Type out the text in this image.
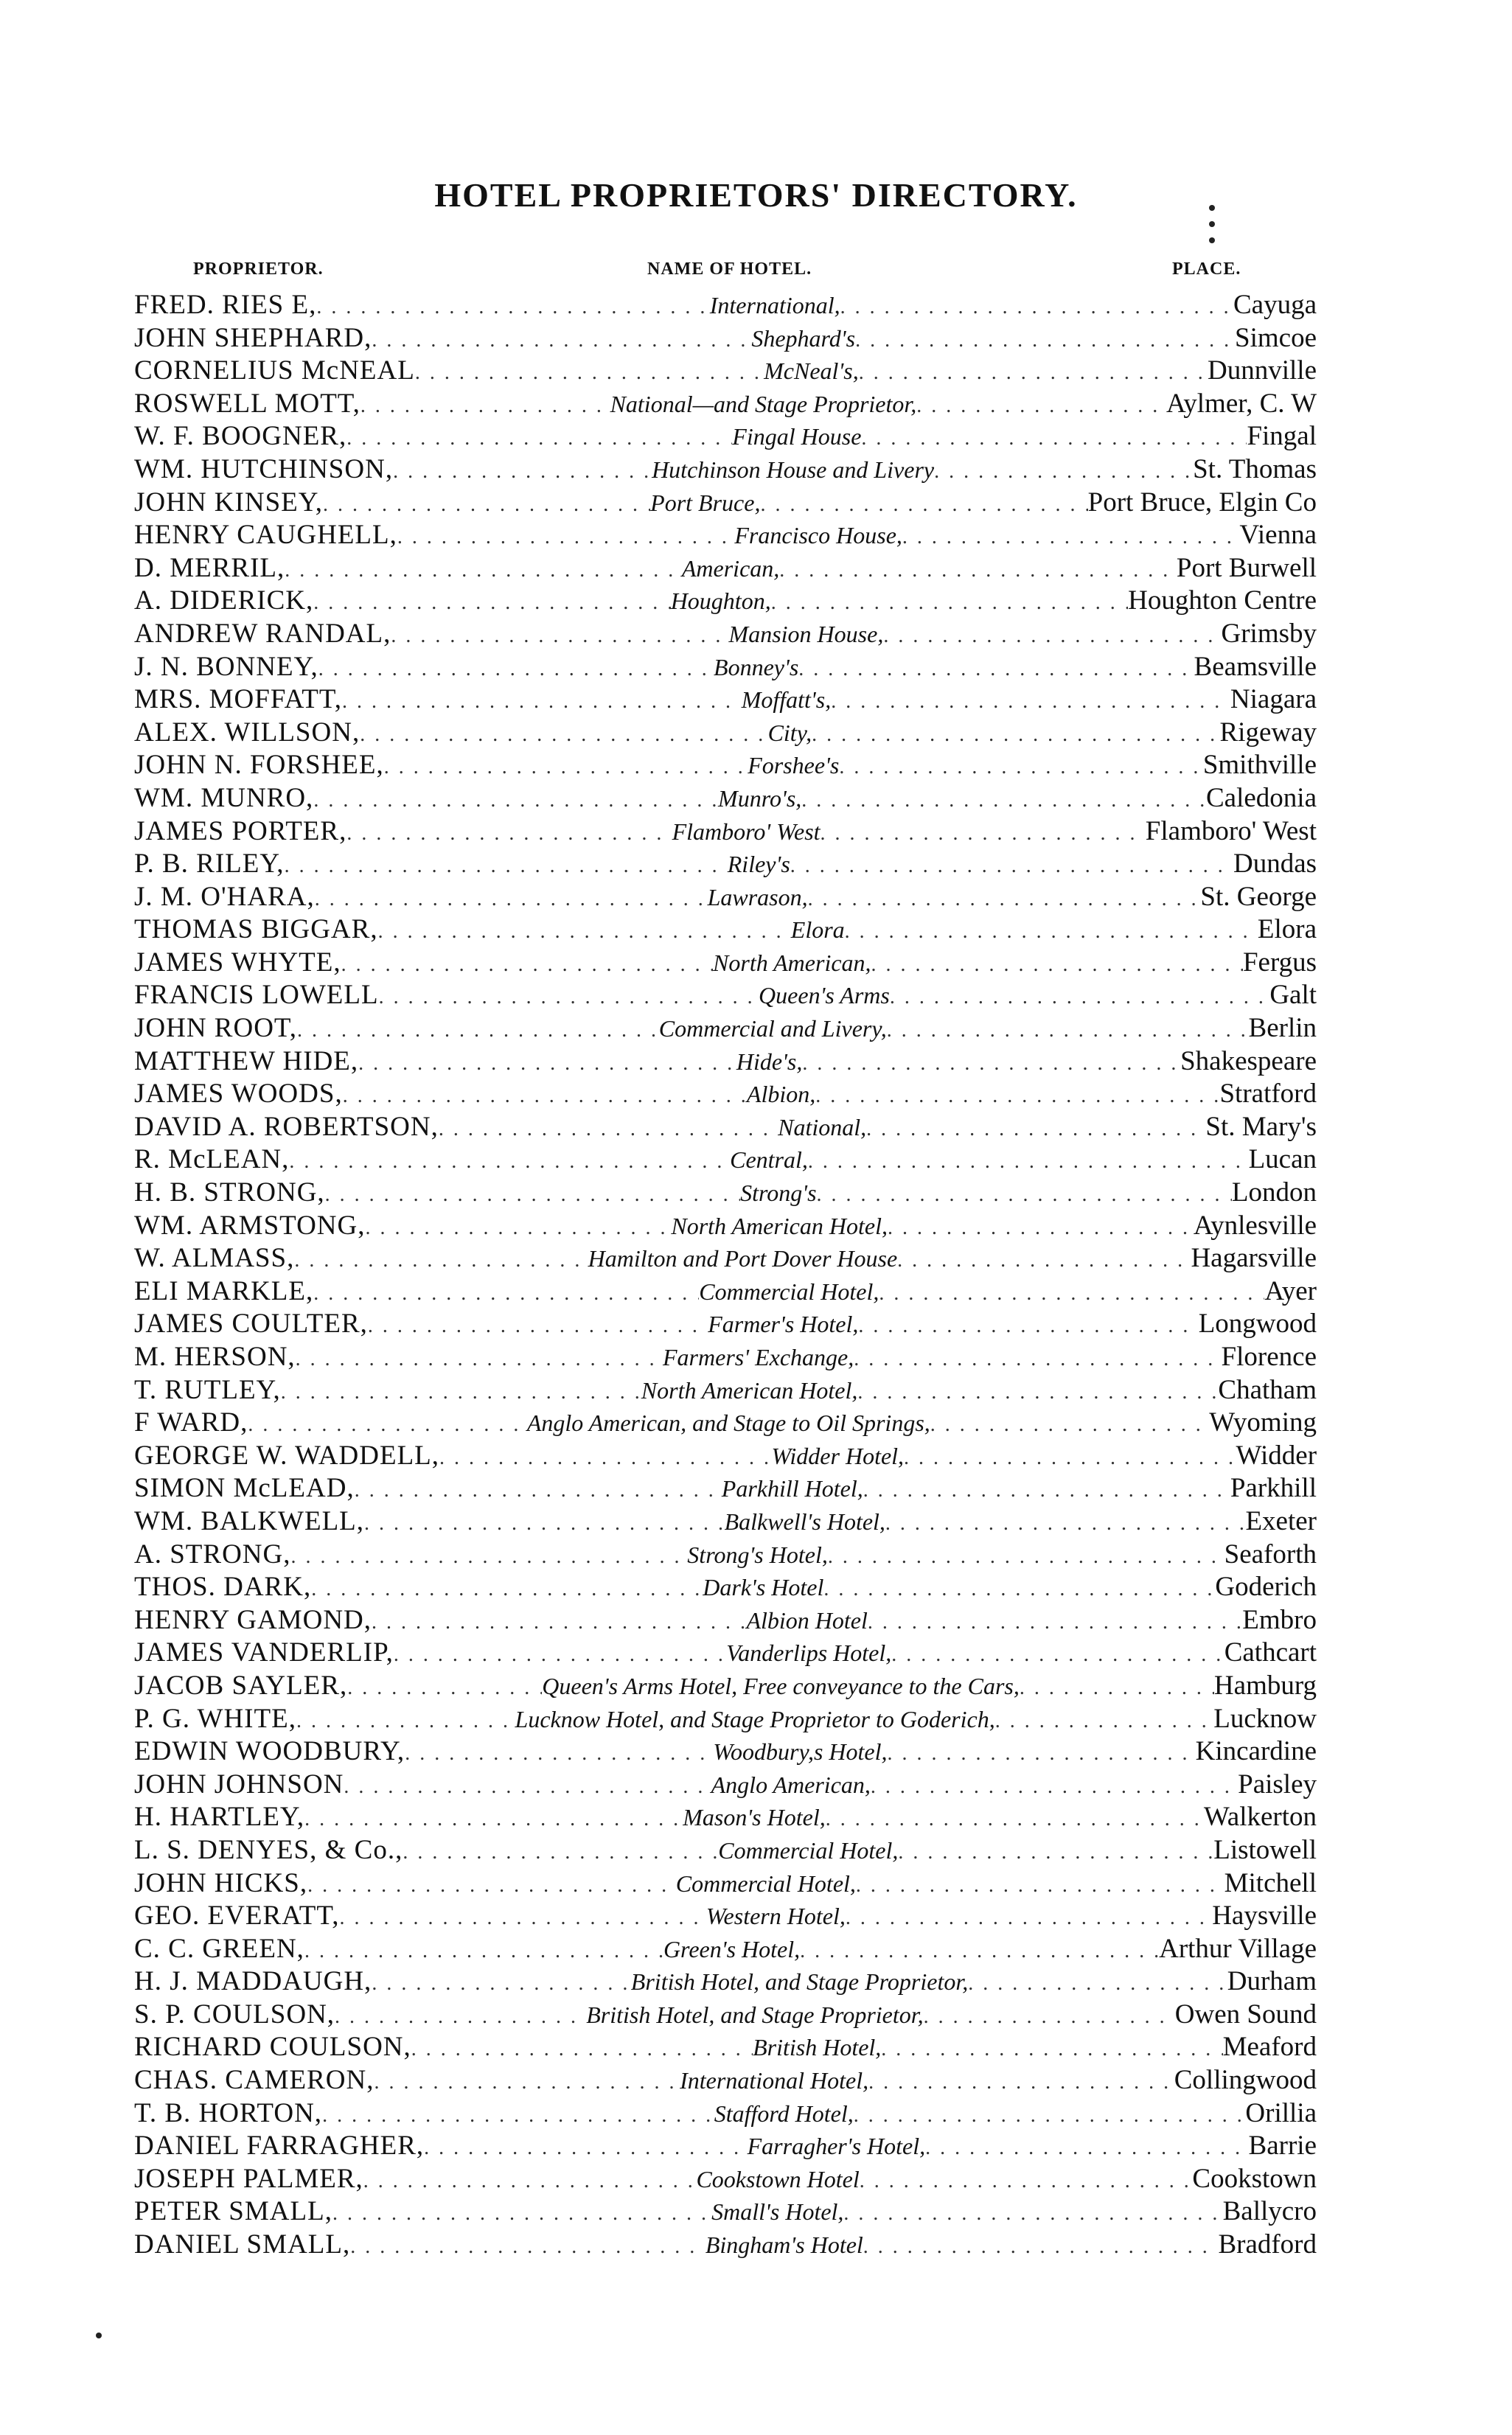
HOTEL PROPRIETORS' DIRECTORY.
PROPRIETOR.	NAME OF HOTEL.	PLACE.
FRED. RIES E, . . .	International, . . .	Cayuga
JOHN SHEPHARD, . . .	Shephard's . . .	Simcoe
CORNELIUS McNEAL . . .	McNeal's, . . .	Dunnville
ROSWELL MOTT, . . .	National—and Stage Proprietor, . . .	Aylmer, C. W
W. F. BOOGNER, . . .	Fingal House . . .	Fingal
WM. HUTCHINSON, . . .	Hutchinson House and Livery . . .	St. Thomas
JOHN KINSEY, . . .	Port Bruce, . . .	Port Bruce, Elgin Co
HENRY CAUGHELL, . . .	Francisco House, . . .	Vienna
D. MERRIL, . . .	American, . . .	Port Burwell
A. DIDERICK, . . .	Houghton, . . .	Houghton Centre
ANDREW RANDAL, . . .	Mansion House, . . .	Grimsby
J. N. BONNEY, . . .	Bonney's . . .	Beamsville
MRS. MOFFATT, . . .	Moffatt's, . . .	Niagara
ALEX. WILLSON, . . .	City, . . .	Rigeway
JOHN N. FORSHEE, . . .	Forshee's . . .	Smithville
WM. MUNRO, . . .	Munro's, . . .	Caledonia
JAMES PORTER, . . .	Flamboro' West . . .	Flamboro' West
P. B. RILEY, . . .	Riley's . . .	Dundas
J. M. O'HARA, . . .	Lawrason, . . .	St. George
THOMAS BIGGAR, . . .	Elora . . .	Elora
JAMES WHYTE, . . .	North American, . . .	Fergus
FRANCIS LOWELL . . .	Queen's Arms . . .	Galt
JOHN ROOT, . . .	Commercial and Livery, . . .	Berlin
MATTHEW HIDE, . . .	Hide's, . . .	Shakespeare
JAMES WOODS, . . .	Albion, . . .	Stratford
DAVID A. ROBERTSON, . . .	National, . . .	St. Mary's
R. McLEAN, . . .	Central, . . .	Lucan
H. B. STRONG, . . .	Strong's . . .	London
WM. ARMSTONG, . . .	North American Hotel, . . .	Aynlesville
W. ALMASS, . . .	Hamilton and Port Dover House . . .	Hagarsville
ELI MARKLE, . . .	Commercial Hotel, . . .	Ayer
JAMES COULTER, . . .	Farmer's Hotel, . . .	Longwood
M. HERSON, . . .	Farmers' Exchange, . . .	Florence
T. RUTLEY, . . .	North American Hotel, . . .	Chatham
F WARD, . . .	Anglo American, and Stage to Oil Springs, . . .	Wyoming
GEORGE W. WADDELL, . . .	Widder Hotel, . . .	Widder
SIMON McLEAD, . . .	Parkhill Hotel, . . .	Parkhill
WM. BALKWELL, . . .	Balkwell's Hotel, . . .	Exeter
A. STRONG, . . .	Strong's Hotel, . . .	Seaforth
THOS. DARK, . . .	Dark's Hotel . . .	Goderich
HENRY GAMOND, . . .	Albion Hotel . . .	Embro
JAMES VANDERLIP, . . .	Vanderlips Hotel, . . .	Cathcart
JACOB SAYLER, . . .	Queen's Arms Hotel, Free conveyance to the Cars, . . .	Hamburg
P. G. WHITE, . . .	Lucknow Hotel, and Stage Proprietor to Goderich, . . .	Lucknow
EDWIN WOODBURY, . . .	Woodbury,s Hotel, . . .	Kincardine
JOHN JOHNSON . . .	Anglo American, . . .	Paisley
H. HARTLEY, . . .	Mason's Hotel, . . .	Walkerton
L. S. DENYES, & Co., . . .	Commercial Hotel, . . .	Listowell
JOHN HICKS, . . .	Commercial Hotel, . . .	Mitchell
GEO. EVERATT, . . .	Western Hotel, . . .	Haysville
C. C. GREEN, . . .	Green's Hotel, . . .	Arthur Village
H. J. MADDAUGH, . . .	British Hotel, and Stage Proprietor, . . .	Durham
S. P. COULSON, . . .	British Hotel, and Stage Proprietor, . . .	Owen Sound
RICHARD COULSON, . . .	British Hotel, . . .	Meaford
CHAS. CAMERON, . . .	International Hotel, . . .	Collingwood
T. B. HORTON, . . .	Stafford Hotel, . . .	Orillia
DANIEL FARRAGHER, . . .	Farragher's Hotel, . . .	Barrie
JOSEPH PALMER, . . .	Cookstown Hotel . . .	Cookstown
PETER SMALL, . . .	Small's Hotel, . . .	Ballycro
DANIEL SMALL, . . .	Bingham's Hotel . . .	Bradford
